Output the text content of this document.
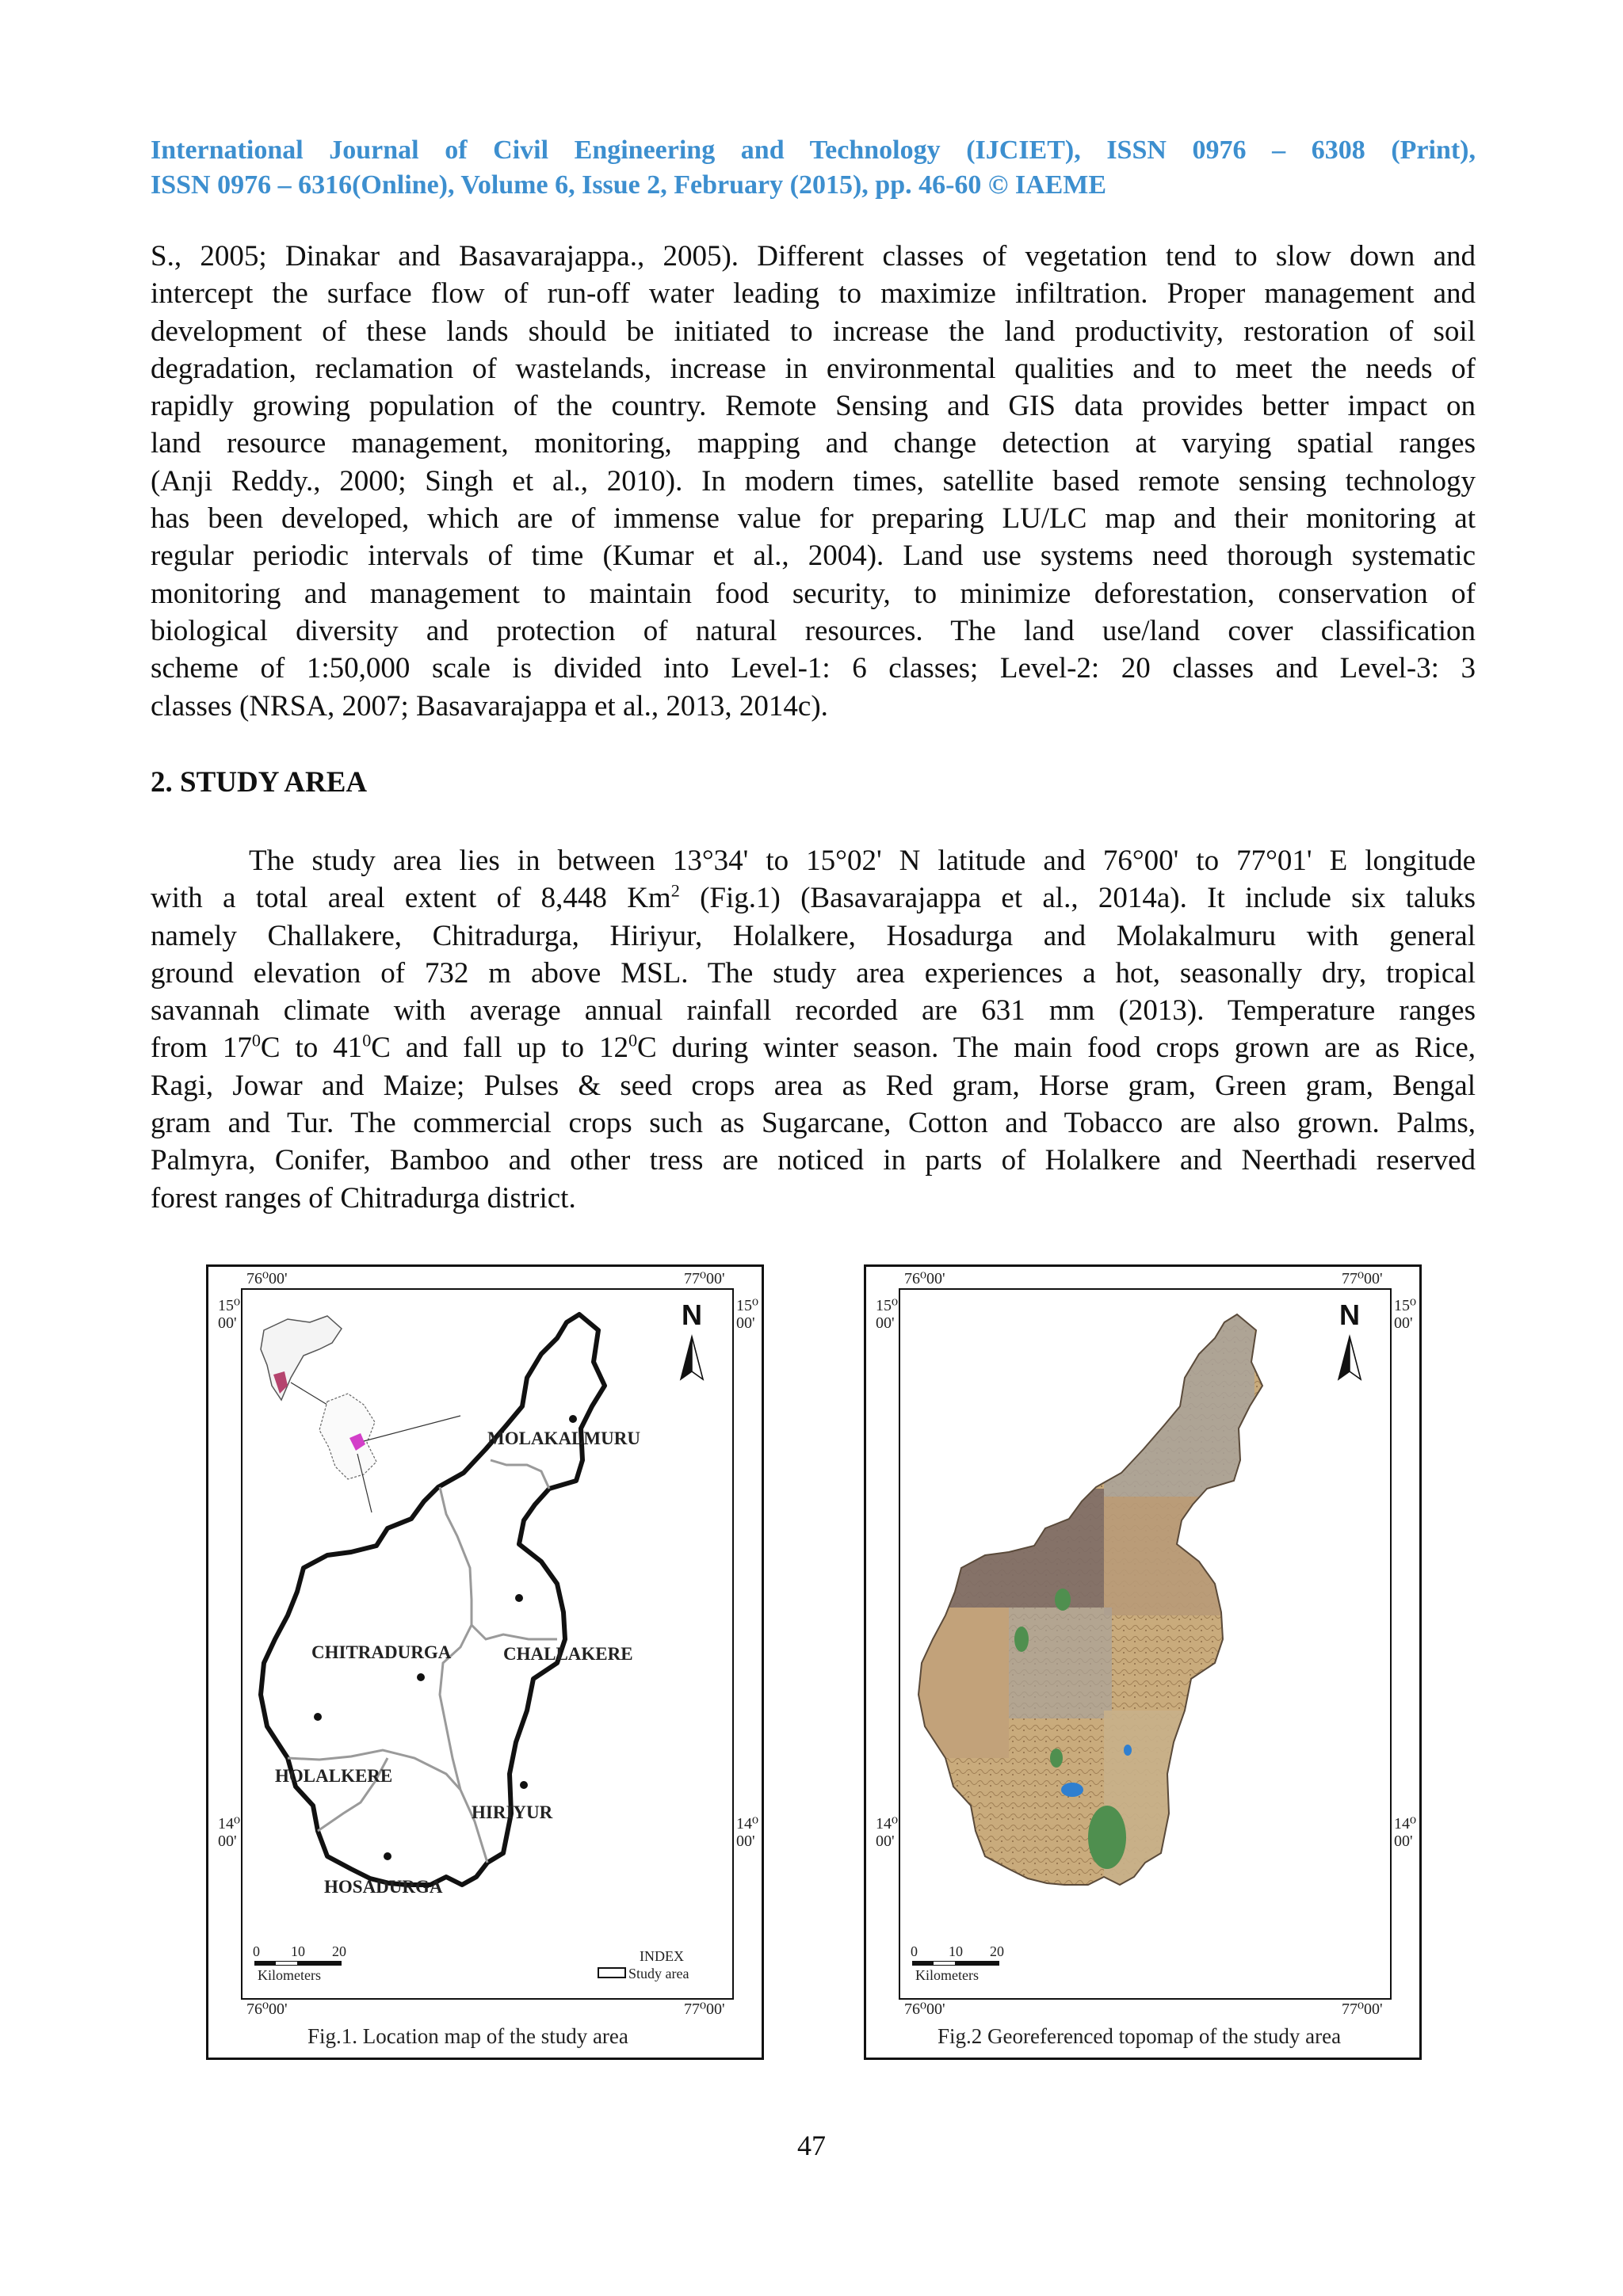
International Journal of Civil Engineering and Technology (IJCIET), ISSN 0976 – 6308 (Print),
ISSN 0976 – 6316(Online), Volume 6, Issue 2, February (2015), pp. 46-60 © IAEME
S., 2005; Dinakar and Basavarajappa., 2005). Different classes of vegetation tend to slow down and
intercept the surface flow of run-off water leading to maximize infiltration. Proper management and
development of these lands should be initiated to increase the land productivity, restoration of soil
degradation, reclamation of wastelands, increase in environmental qualities and to meet the needs of
rapidly growing population of the country. Remote Sensing and GIS data provides better impact on
land resource management, monitoring, mapping and change detection at varying spatial ranges
(Anji Reddy., 2000; Singh et al., 2010). In modern times, satellite based remote sensing technology
has been developed, which are of immense value for preparing LU/LC map and their monitoring at
regular periodic intervals of time (Kumar et al., 2004). Land use systems need thorough systematic
monitoring and management to maintain food security, to minimize deforestation, conservation of
biological diversity and protection of natural resources. The land use/land cover classification
scheme of 1:50,000 scale is divided into Level-1: 6 classes; Level-2: 20 classes and Level-3: 3
classes (NRSA, 2007; Basavarajappa et al., 2013, 2014c).
2. STUDY AREA
The study area lies in between 13°34' to 15°02' N latitude and 76°00' to 77°01' E longitude
with a total areal extent of 8,448 Km$^2$ (Fig.1) (Basavarajappa et al., 2014a). It include six taluks
namely Challakere, Chitradurga, Hiriyur, Holalkere, Hosadurga and Molakalmuru with general
ground elevation of 732 m above MSL. The study area experiences a hot, seasonally dry, tropical
savannah climate with average annual rainfall recorded are 631 mm (2013). Temperature ranges
from $17^0C$ to $41^0C$ and fall up to $12^0C$ during winter season. The main food crops grown are as Rice,
Ragi, Jowar and Maize; Pulses & seed crops area as Red gram, Horse gram, Green gram, Bengal
gram and Tur. The commercial crops such as Sugarcane, Cotton and Tobacco are also grown. Palms,
Palmyra, Conifer, Bamboo and other tress are noticed in parts of Holalkere and Neerthadi reserved
forest ranges of Chitradurga district.
76⁰00'	77⁰00'
15⁰
00'
15⁰
00'
14⁰
00'
14⁰
00'
76⁰00'	77⁰00'
N
MOLAKALMURU
CHITRADURGA	CHALLAKERE
HOLALKERE
HIRIYUR
HOSADURGA
0 10 20
Kilometers
INDEX
Study area
Fig.1. Location map of the study area
76⁰00'	77⁰00'
15⁰
00'
15⁰
00'
14⁰
00'
14⁰
00'
76⁰00'	77⁰00'
N
0 10 20
Kilometers
Fig.2 Georeferenced topomap of the study area
47
